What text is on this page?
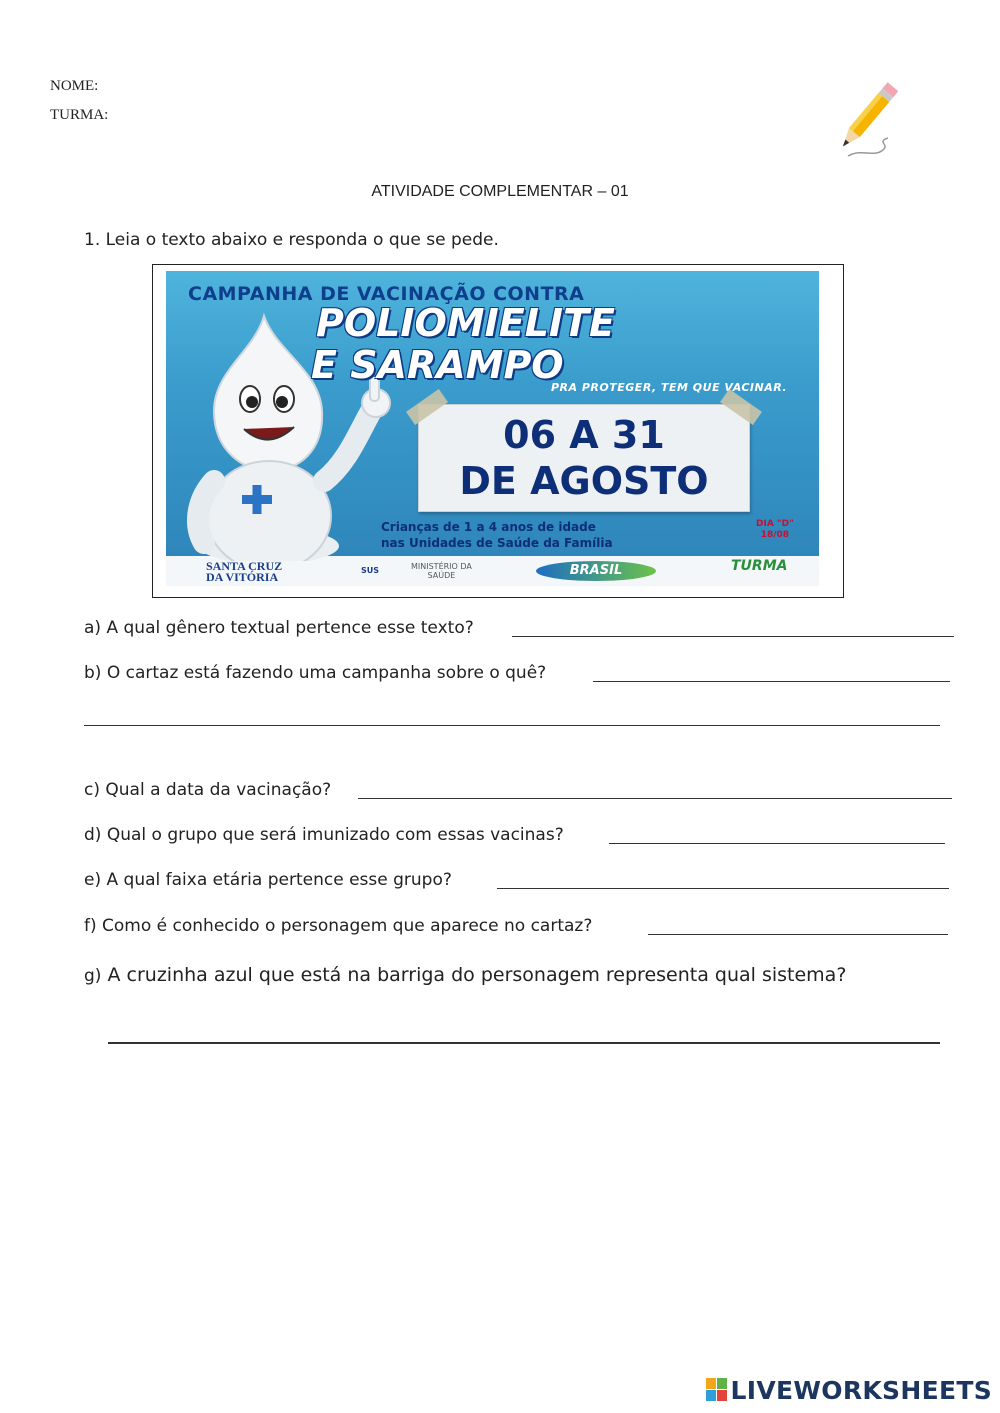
NOME:
TURMA:
ATIVIDADE COMPLEMENTAR – 01
1. Leia o texto abaixo e responda o que se pede.
CAMPANHA DE VACINAÇÃO CONTRA
POLIOMIELITE
E SARAMPO
PRA PROTEGER, TEM QUE VACINAR.
06 A 31
DE AGOSTO
Crianças de 1 a 4 anos de idade
nas Unidades de Saúde da Família
DIA "D"
18/08
SANTA CRUZ
DA VITÓRIA	SUS	MINISTÉRIO DA
SAÚDE	BRASIL	TURMA
a) A qual gênero textual pertence esse texto?
b) O cartaz está fazendo uma campanha sobre o quê?
c) Qual a data da vacinação?
d) Qual o grupo que será imunizado com essas vacinas?
e) A qual faixa etária pertence esse grupo?
f) Como é conhecido o personagem que aparece no cartaz?
g) A cruzinha azul que está na barriga do personagem representa qual sistema?
LIVEWORKSHEETS
